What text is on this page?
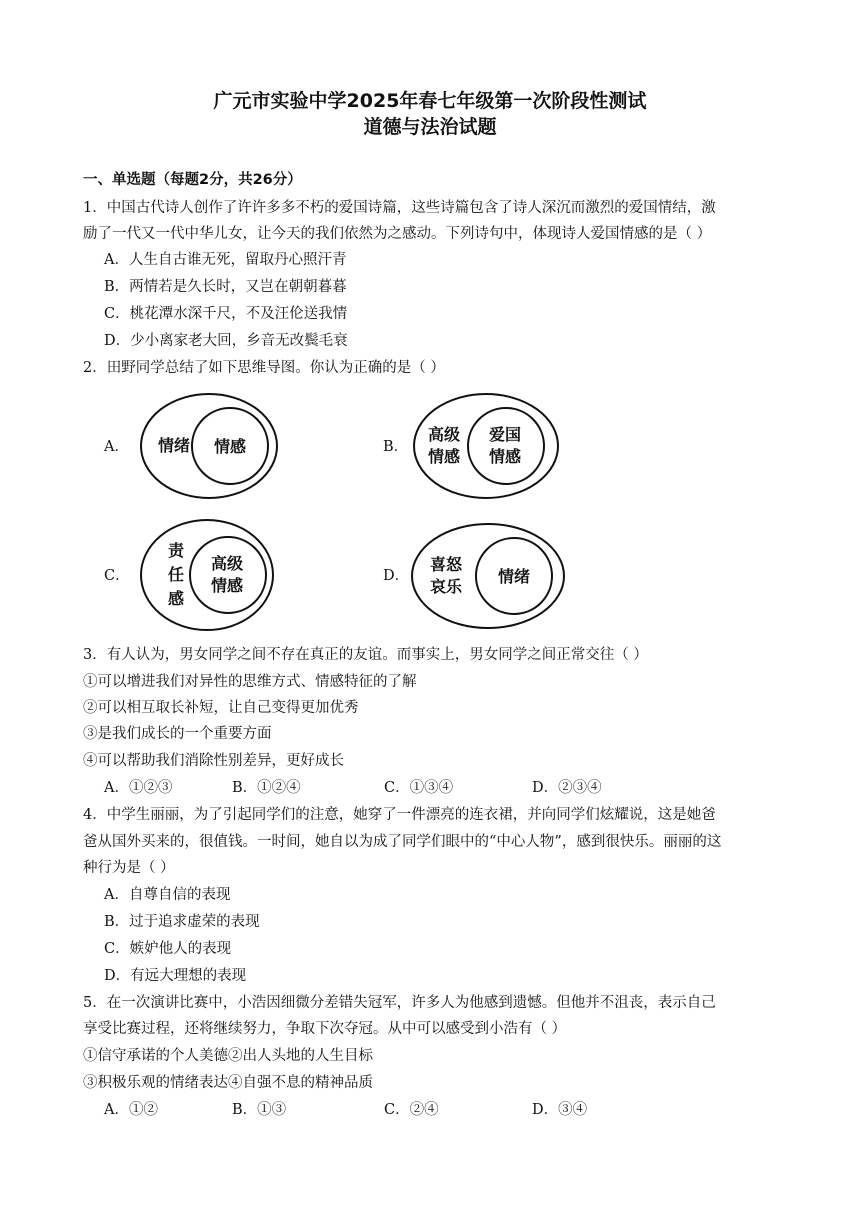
广元市实验中学2025年春七年级第一次阶段性测试
道德与法治试题
一、单选题（每题2分，共26分）
1．中国古代诗人创作了许许多多不朽的爱国诗篇，这些诗篇包含了诗人深沉而激烈的爱国情结，激
励了一代又一代中华儿女，让今天的我们依然为之感动。下列诗句中，体现诗人爱国情感的是（ ）
A．人生自古谁无死，留取丹心照汗青
B．两情若是久长时，又岂在朝朝暮暮
C．桃花潭水深千尺，不及汪伦送我情
D．少小离家老大回，乡音无改鬓毛衰
2．田野同学总结了如下思维导图。你认为正确的是（ ）
A． 情绪 情感	B．
高级
情感
爱国
情感
C．
责
任
感
高级
情感	D．
喜怒
哀乐
情绪
3．有人认为，男女同学之间不存在真正的友谊。而事实上，男女同学之间正常交往（ ）
①可以增进我们对异性的思维方式、情感特征的了解
②可以相互取长补短，让自己变得更加优秀
③是我们成长的一个重要方面
④可以帮助我们消除性别差异，更好成长
A．①②③	B．①②④	C．①③④	D．②③④
4．中学生丽丽，为了引起同学们的注意，她穿了一件漂亮的连衣裙，并向同学们炫耀说，这是她爸
爸从国外买来的，很值钱。一时间，她自以为成了同学们眼中的“中心人物”，感到很快乐。丽丽的这
种行为是（ ）
A．自尊自信的表现
B．过于追求虚荣的表现
C．嫉妒他人的表现
D．有远大理想的表现
5．在一次演讲比赛中，小浩因细微分差错失冠军，许多人为他感到遗憾。但他并不沮丧，表示自己
享受比赛过程，还将继续努力，争取下次夺冠。从中可以感受到小浩有（ ）
①信守承诺的个人美德②出人头地的人生目标
③积极乐观的情绪表达④自强不息的精神品质
A．①②	B．①③	C．②④	D．③④
